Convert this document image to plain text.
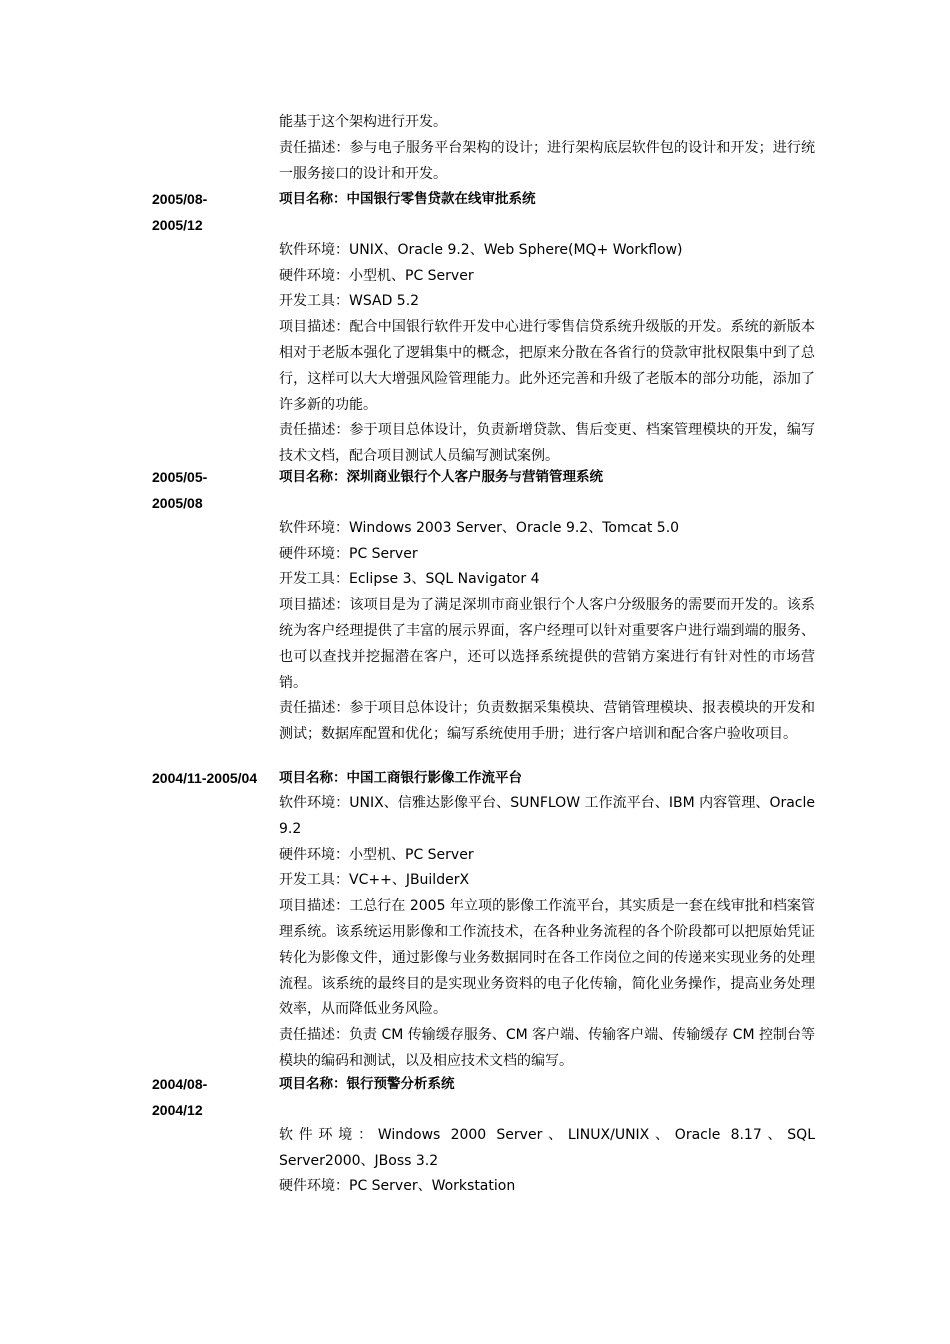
能基于这个架构进行开发。

责任描述：参与电子服务平台架构的设计；进行架构底层软件包的设计和开发；进行统一服务接口的设计和开发。

2005/08-
2005/12

项目名称：中国银行零售贷款在线审批系统

软件环境：UNIX、Oracle 9.2、Web Sphere(MQ+ Workflow)

硬件环境：小型机、PC Server

开发工具：WSAD 5.2

项目描述：配合中国银行软件开发中心进行零售信贷系统升级版的开发。系统的新版本相对于老版本强化了逻辑集中的概念，把原来分散在各省行的贷款审批权限集中到了总行，这样可以大大增强风险管理能力。此外还完善和升级了老版本的部分功能，添加了许多新的功能。

责任描述：参于项目总体设计，负责新增贷款、售后变更、档案管理模块的开发，编写技术文档，配合项目测试人员编写测试案例。

2005/05-
2005/08

项目名称：深圳商业银行个人客户服务与营销管理系统

软件环境：Windows 2003 Server、Oracle 9.2、Tomcat 5.0

硬件环境：PC Server

开发工具：Eclipse 3、SQL Navigator 4

项目描述：该项目是为了满足深圳市商业银行个人客户分级服务的需要而开发的。该系统为客户经理提供了丰富的展示界面，客户经理可以针对重要客户进行端到端的服务、也可以查找并挖掘潜在客户，还可以选择系统提供的营销方案进行有针对性的市场营销。

责任描述：参于项目总体设计；负责数据采集模块、营销管理模块、报表模块的开发和测试；数据库配置和优化；编写系统使用手册；进行客户培训和配合客户验收项目。

2004/11-2005/04	项目名称：中国工商银行影像工作流平台

软件环境：UNIX、信雅达影像平台、SUNFLOW 工作流平台、IBM 内容管理、Oracle 9.2

硬件环境：小型机、PC Server

开发工具：VC++、JBuilderX

项目描述：工总行在 2005 年立项的影像工作流平台，其实质是一套在线审批和档案管理系统。该系统运用影像和工作流技术，在各种业务流程的各个阶段都可以把原始凭证转化为影像文件，通过影像与业务数据同时在各工作岗位之间的传递来实现业务的处理流程。该系统的最终目的是实现业务资料的电子化传输，简化业务操作，提高业务处理效率，从而降低业务风险。

责任描述：负责 CM 传输缓存服务、CM 客户端、传输客户端、传输缓存 CM 控制台等模块的编码和测试，以及相应技术文档的编写。

2004/08-
2004/12

项目名称：银行预警分析系统

软件环境：Windows 2000 Server、LINUX/UNIX、Oracle 8.17、SQL Server2000、JBoss 3.2

硬件环境：PC Server、Workstation
